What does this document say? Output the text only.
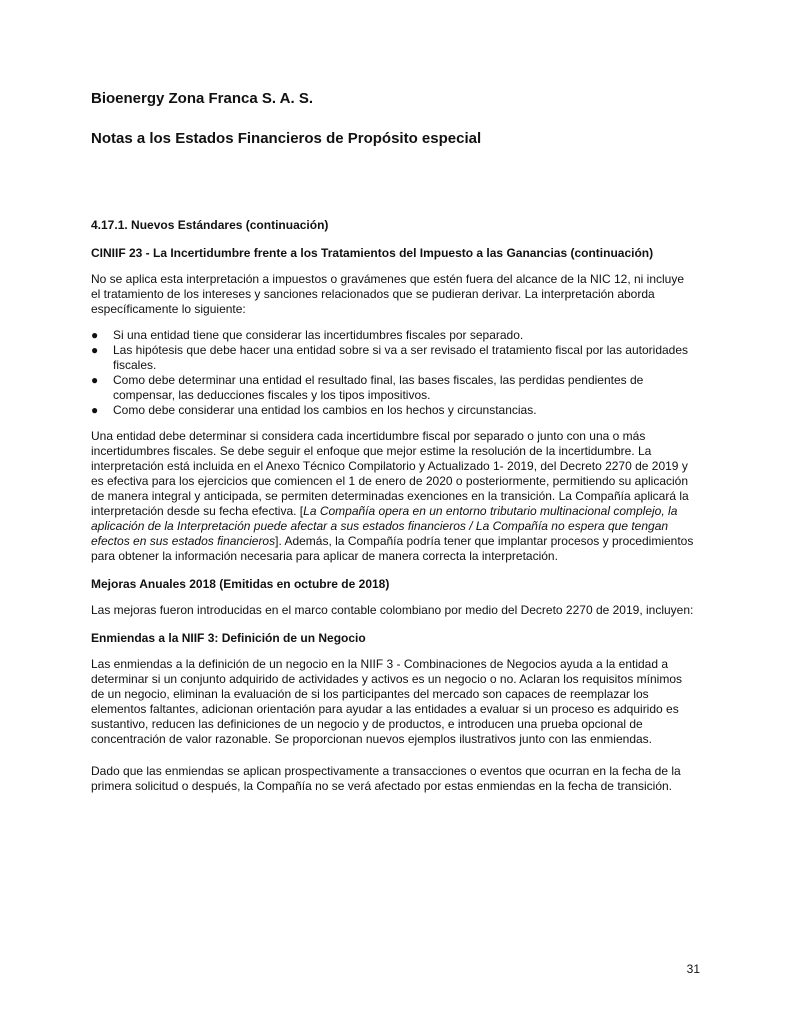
Bioenergy Zona Franca S. A. S.
Notas a los Estados Financieros de Propósito especial
4.17.1. Nuevos Estándares (continuación)
CINIIF 23 - La Incertidumbre frente a los Tratamientos del Impuesto a las Ganancias (continuación)

No se aplica esta interpretación a impuestos o gravámenes que estén fuera del alcance de la NIC 12, ni incluye el tratamiento de los intereses y sanciones relacionados que se pudieran derivar. La interpretación aborda específicamente lo siguiente:

● Si una entidad tiene que considerar las incertidumbres fiscales por separado.
● Las hipótesis que debe hacer una entidad sobre si va a ser revisado el tratamiento fiscal por las autoridades fiscales.
● Como debe determinar una entidad el resultado final, las bases fiscales, las perdidas pendientes de compensar, las deducciones fiscales y los tipos impositivos.
● Como debe considerar una entidad los cambios en los hechos y circunstancias.

Una entidad debe determinar si considera cada incertidumbre fiscal por separado o junto con una o más incertidumbres fiscales. Se debe seguir el enfoque que mejor estime la resolución de la incertidumbre. La interpretación está incluida en el Anexo Técnico Compilatorio y Actualizado 1- 2019, del Decreto 2270 de 2019 y es efectiva para los ejercicios que comiencen el 1 de enero de 2020 o posteriormente, permitiendo su aplicación de manera integral y anticipada, se permiten determinadas exenciones en la transición. La Compañía aplicará la interpretación desde su fecha efectiva. [La Compañía opera en un entorno tributario multinacional complejo, la aplicación de la Interpretación puede afectar a sus estados financieros / La Compañía no espera que tengan efectos en sus estados financieros]. Además, la Compañía podría tener que implantar procesos y procedimientos para obtener la información necesaria para aplicar de manera correcta la interpretación.

Mejoras Anuales 2018 (Emitidas en octubre de 2018)

Las mejoras fueron introducidas en el marco contable colombiano por medio del Decreto 2270 de 2019, incluyen:

Enmiendas a la NIIF 3: Definición de un Negocio

Las enmiendas a la definición de un negocio en la NIIF 3 - Combinaciones de Negocios ayuda a la entidad a determinar si un conjunto adquirido de actividades y activos es un negocio o no. Aclaran los requisitos mínimos de un negocio, eliminan la evaluación de si los participantes del mercado son capaces de reemplazar los elementos faltantes, adicionan orientación para ayudar a las entidades a evaluar si un proceso es adquirido es sustantivo, reducen las definiciones de un negocio y de productos, e introducen una prueba opcional de concentración de valor razonable. Se proporcionan nuevos ejemplos ilustrativos junto con las enmiendas.

Dado que las enmiendas se aplican prospectivamente a transacciones o eventos que ocurran en la fecha de la primera solicitud o después, la Compañía no se verá afectado por estas enmiendas en la fecha de transición.

31
